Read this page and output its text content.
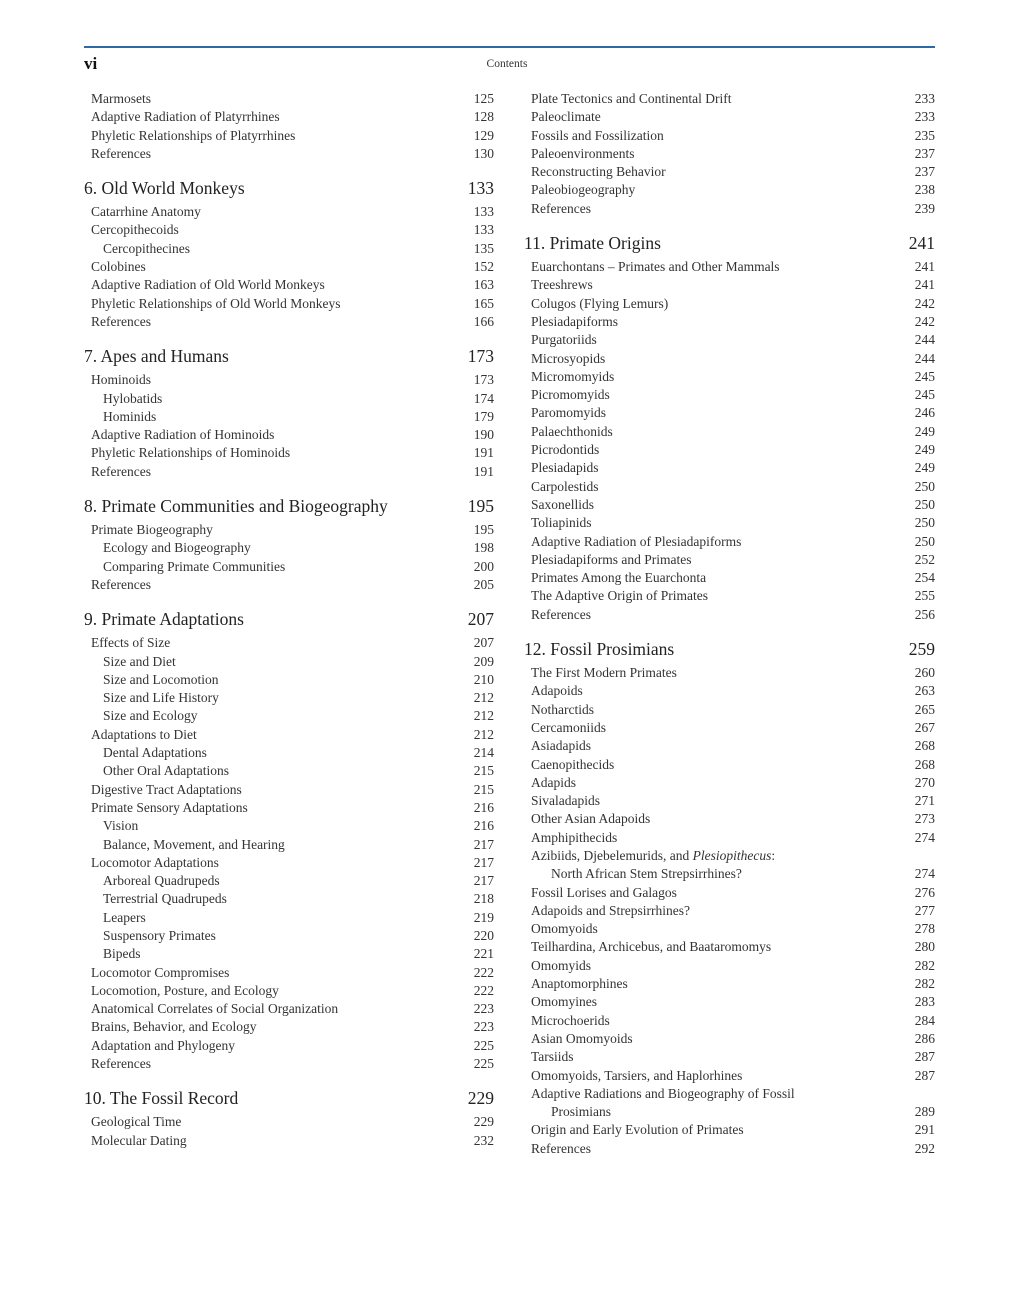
vi	Contents
Marmosets	125
Adaptive Radiation of Platyrrhines	128
Phyletic Relationships of Platyrrhines	129
References	130
6. Old World Monkeys	133
Catarrhine Anatomy	133
Cercopithecoids	133
Cercopithecines	135
Colobines	152
Adaptive Radiation of Old World Monkeys	163
Phyletic Relationships of Old World Monkeys	165
References	166
7. Apes and Humans	173
Hominoids	173
Hylobatids	174
Hominids	179
Adaptive Radiation of Hominoids	190
Phyletic Relationships of Hominoids	191
References	191
8. Primate Communities and Biogeography	195
Primate Biogeography	195
Ecology and Biogeography	198
Comparing Primate Communities	200
References	205
9. Primate Adaptations	207
Effects of Size	207
Size and Diet	209
Size and Locomotion	210
Size and Life History	212
Size and Ecology	212
Adaptations to Diet	212
Dental Adaptations	214
Other Oral Adaptations	215
Digestive Tract Adaptations	215
Primate Sensory Adaptations	216
Vision	216
Balance, Movement, and Hearing	217
Locomotor Adaptations	217
Arboreal Quadrupeds	217
Terrestrial Quadrupeds	218
Leapers	219
Suspensory Primates	220
Bipeds	221
Locomotor Compromises	222
Locomotion, Posture, and Ecology	222
Anatomical Correlates of Social Organization	223
Brains, Behavior, and Ecology	223
Adaptation and Phylogeny	225
References	225
10. The Fossil Record	229
Geological Time	229
Molecular Dating	232
Plate Tectonics and Continental Drift	233
Paleoclimate	233
Fossils and Fossilization	235
Paleoenvironments	237
Reconstructing Behavior	237
Paleobiogeography	238
References	239
11. Primate Origins	241
Euarchontans – Primates and Other Mammals	241
Treeshrews	241
Colugos (Flying Lemurs)	242
Plesiadapiforms	242
Purgatoriids	244
Microsyopids	244
Micromomyids	245
Picromomyids	245
Paromomyids	246
Palaechthonids	249
Picrodontids	249
Plesiadapids	249
Carpolestids	250
Saxonellids	250
Toliapinids	250
Adaptive Radiation of Plesiadapiforms	250
Plesiadapiforms and Primates	252
Primates Among the Euarchonta	254
The Adaptive Origin of Primates	255
References	256
12. Fossil Prosimians	259
The First Modern Primates	260
Adapoids	263
Notharctids	265
Cercamoniids	267
Asiadapids	268
Caenopithecids	268
Adapids	270
Sivaladapids	271
Other Asian Adapoids	273
Amphipithecids	274
Azibiids, Djebelemurids, and Plesiopithecus:
North African Stem Strepsirrhines?	274
Fossil Lorises and Galagos	276
Adapoids and Strepsirrhines?	277
Omomyoids	278
Teilhardina, Archicebus, and Baataromomys	280
Omomyids	282
Anaptomorphines	282
Omomyines	283
Microchoerids	284
Asian Omomyoids	286
Tarsiids	287
Omomyoids, Tarsiers, and Haplorhines	287
Adaptive Radiations and Biogeography of Fossil
Prosimians	289
Origin and Early Evolution of Primates	291
References	292
